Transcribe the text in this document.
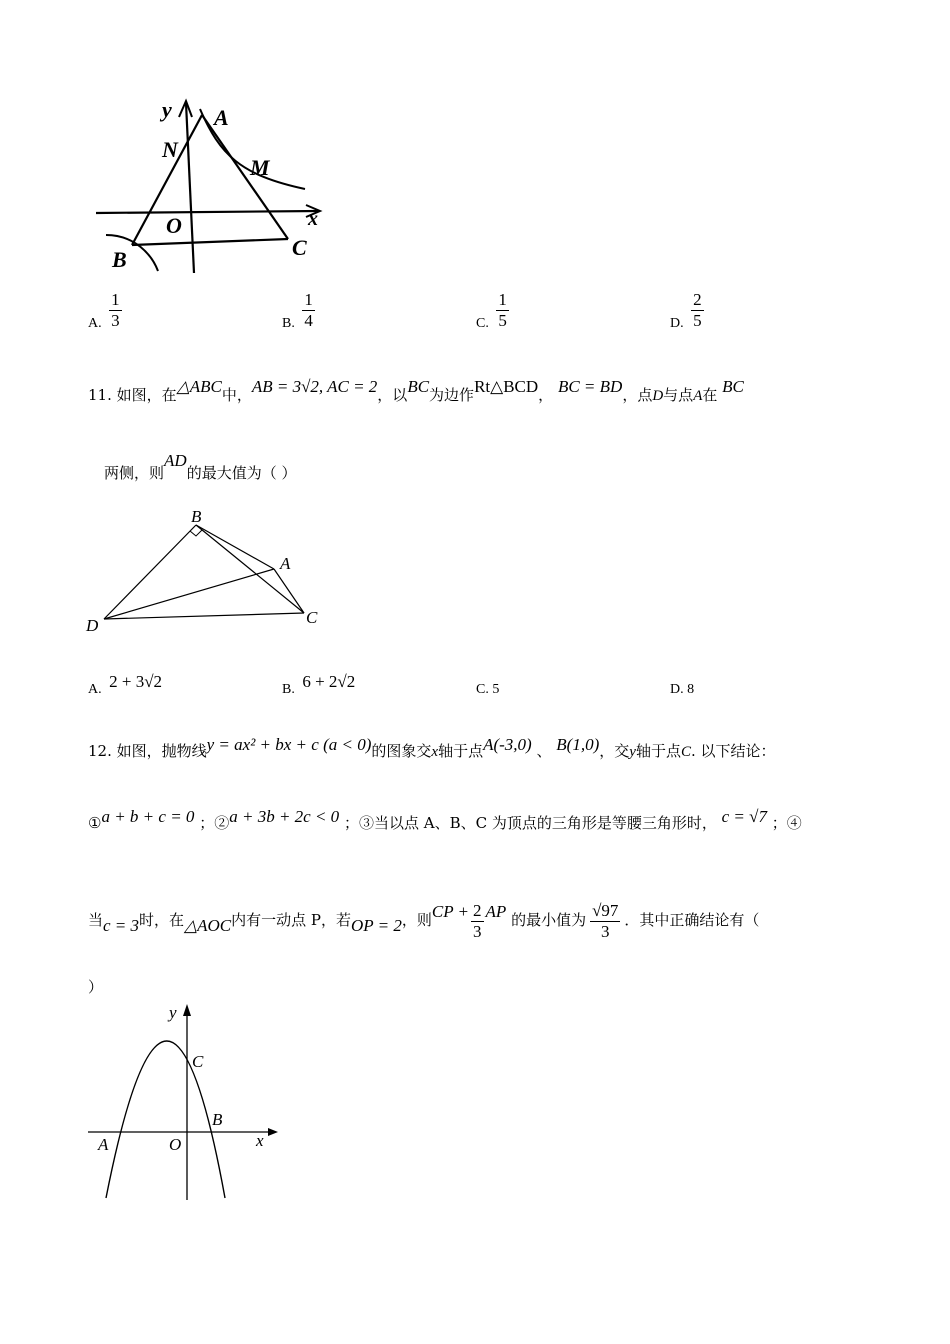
y A
N
M
O	x
B	C
A. $\frac{1}{3}$	B. $\frac{1}{4}$	C. $\frac{1}{5}$	D. $\frac{2}{5}$
11. 如图，在△ABC中，AB = 3√2, AC = 2，以BC为边作Rt△BCD， BC = BD，点D与点A在 BC
两侧，则AD的最大值为（ ）
B
A
D	C
A. 2 + 3√2	B. 6 + 2√2	C. 5	D. 8
12. 如图，抛物线y = ax² + bx + c (a < 0)的图象交x轴于点A(-3,0) 、 B(1,0)，交y轴于点C. 以下结论：
①a + b + c = 0 ；②a + 3b + 2c < 0 ；③当以点 A、B、C 为顶点的三角形是等腰三角形时， c = √7 ；④
当c = 3时，在△AOC内有一动点 P，若OP = 2，则CP + $\frac{2}{3}$ AP 的最小值为 $\frac{√97}{3}$ ．其中正确结论有（
）
y
C
B
A	O	x
